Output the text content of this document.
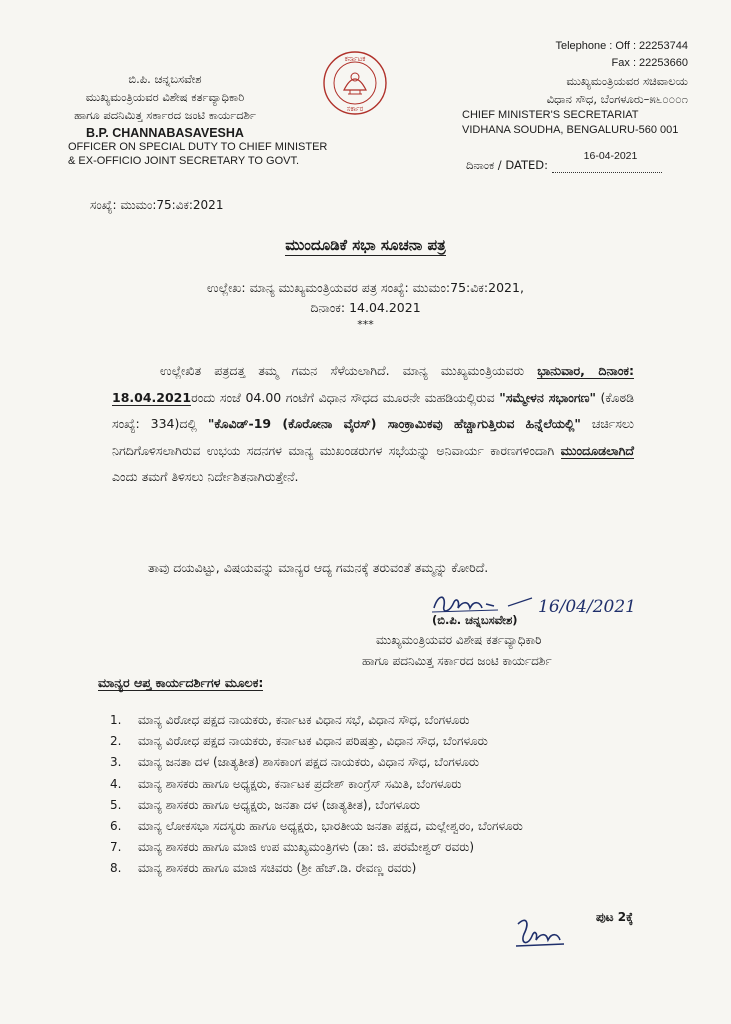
ಬಿ.ಪಿ. ಚನ್ನಬಸವೇಶ
ಮುಖ್ಯಮಂತ್ರಿಯವರ ವಿಶೇಷ ಕರ್ತವ್ಯಾಧಿಕಾರಿ
ಹಾಗೂ ಪದನಿಮಿತ್ತ ಸರ್ಕಾರದ ಜಂಟಿ ಕಾರ್ಯದರ್ಶಿ
B.P. CHANNABASAVESHA
OFFICER ON SPECIAL DUTY TO CHIEF MINISTER
& EX-OFFICIO JOINT SECRETARY TO GOVT.
ಕರ್ನಾಟಕ
ಸರ್ಕಾರ
Telephone : Off : 22253744
Fax : 22253660
ಮುಖ್ಯಮಂತ್ರಿಯವರ ಸಚಿವಾಲಯ
ವಿಧಾನ ಸೌಧ, ಬೆಂಗಳೂರು–೫೬೦೦೦೧
CHIEF MINISTER'S SECRETARIAT
VIDHANA SOUDHA, BENGALURU-560 001
ದಿನಾಂಕ / DATED:
16-04-2021
ಸಂಖ್ಯೆ: ಮುಮಂ:75:ವಿಕ:2021
ಮುಂದೂಡಿಕೆ ಸಭಾ ಸೂಚನಾ ಪತ್ರ
ಉಲ್ಲೇಖ: ಮಾನ್ಯ ಮುಖ್ಯಮಂತ್ರಿಯವರ ಪತ್ರ ಸಂಖ್ಯೆ: ಮುಮಂ:75:ವಿಕ:2021,
ದಿನಾಂಕ: 14.04.2021
***

ಉಲ್ಲೇಖಿತ ಪತ್ರದತ್ತ ತಮ್ಮ ಗಮನ ಸೆಳೆಯಲಾಗಿದೆ. ಮಾನ್ಯ ಮುಖ್ಯಮಂತ್ರಿಯವರು ಭಾನುವಾರ, ದಿನಾಂಕ: 18.04.2021ರಂದು ಸಂಜೆ 04.00 ಗಂಟೆಗೆ ವಿಧಾನ ಸೌಧದ ಮೂರನೇ ಮಹಡಿಯಲ್ಲಿರುವ "ಸಮ್ಮೇಳನ ಸಭಾಂಗಣ" (ಕೊಠಡಿ ಸಂಖ್ಯೆ: 334)ದಲ್ಲಿ "ಕೊವಿಡ್-19 (ಕೊರೋನಾ ವೈರಸ್) ಸಾಂಕ್ರಾಮಿಕವು ಹೆಚ್ಚಾಗುತ್ತಿರುವ ಹಿನ್ನೆಲೆಯಲ್ಲಿ" ಚರ್ಚಿಸಲು ನಿಗದಿಗೊಳಿಸಲಾಗಿರುವ ಉಭಯ ಸದನಗಳ ಮಾನ್ಯ ಮುಖಂಡರುಗಳ ಸಭೆಯನ್ನು ಅನಿವಾರ್ಯ ಕಾರಣಗಳಿಂದಾಗಿ ಮುಂದೂಡಲಾಗಿದೆ ಎಂದು ತಮಗೆ ತಿಳಿಸಲು ನಿರ್ದೇಶಿತನಾಗಿರುತ್ತೇನೆ.

ತಾವು ದಯವಿಟ್ಟು, ವಿಷಯವನ್ನು ಮಾನ್ಯರ ಆದ್ಯ ಗಮನಕ್ಕೆ ತರುವಂತೆ ತಮ್ಮನ್ನು ಕೋರಿದೆ.
16/04/2021
(ಬಿ.ಪಿ. ಚನ್ನಬಸವೇಶ)
ಮುಖ್ಯಮಂತ್ರಿಯವರ ವಿಶೇಷ ಕರ್ತವ್ಯಾಧಿಕಾರಿ
ಹಾಗೂ ಪದನಿಮಿತ್ತ ಸರ್ಕಾರದ ಜಂಟಿ ಕಾರ್ಯದರ್ಶಿ
ಮಾನ್ಯರ ಆಪ್ತ ಕಾರ್ಯದರ್ಶಿಗಳ ಮೂಲಕ:
1.	ಮಾನ್ಯ ವಿರೋಧ ಪಕ್ಷದ ನಾಯಕರು, ಕರ್ನಾಟಕ ವಿಧಾನ ಸಭೆ, ವಿಧಾನ ಸೌಧ, ಬೆಂಗಳೂರು
2.	ಮಾನ್ಯ ವಿರೋಧ ಪಕ್ಷದ ನಾಯಕರು, ಕರ್ನಾಟಕ ವಿಧಾನ ಪರಿಷತ್ತು, ವಿಧಾನ ಸೌಧ, ಬೆಂಗಳೂರು
3.	ಮಾನ್ಯ ಜನತಾ ದಳ (ಜಾತ್ಯತೀತ) ಶಾಸಕಾಂಗ ಪಕ್ಷದ ನಾಯಕರು, ವಿಧಾನ ಸೌಧ, ಬೆಂಗಳೂರು
4.	ಮಾನ್ಯ ಶಾಸಕರು ಹಾಗೂ ಅಧ್ಯಕ್ಷರು, ಕರ್ನಾಟಕ ಪ್ರದೇಶ್ ಕಾಂಗ್ರೆಸ್ ಸಮಿತಿ, ಬೆಂಗಳೂರು
5.	ಮಾನ್ಯ ಶಾಸಕರು ಹಾಗೂ ಅಧ್ಯಕ್ಷರು, ಜನತಾ ದಳ (ಜಾತ್ಯತೀತ), ಬೆಂಗಳೂರು
6.	ಮಾನ್ಯ ಲೋಕಸಭಾ ಸದಸ್ಯರು ಹಾಗೂ ಅಧ್ಯಕ್ಷರು, ಭಾರತೀಯ ಜನತಾ ಪಕ್ಷದ, ಮಲ್ಲೇಶ್ವರಂ, ಬೆಂಗಳೂರು
7.	ಮಾನ್ಯ ಶಾಸಕರು ಹಾಗೂ ಮಾಜಿ ಉಪ ಮುಖ್ಯಮಂತ್ರಿಗಳು (ಡಾ: ಜಿ. ಪರಮೇಶ್ವರ್ ರವರು)
8.	ಮಾನ್ಯ ಶಾಸಕರು ಹಾಗೂ ಮಾಜಿ ಸಚಿವರು (ಶ್ರೀ ಹೆಚ್.ಡಿ. ರೇವಣ್ಣ ರವರು)
ಪುಟ 2ಕ್ಕೆ
